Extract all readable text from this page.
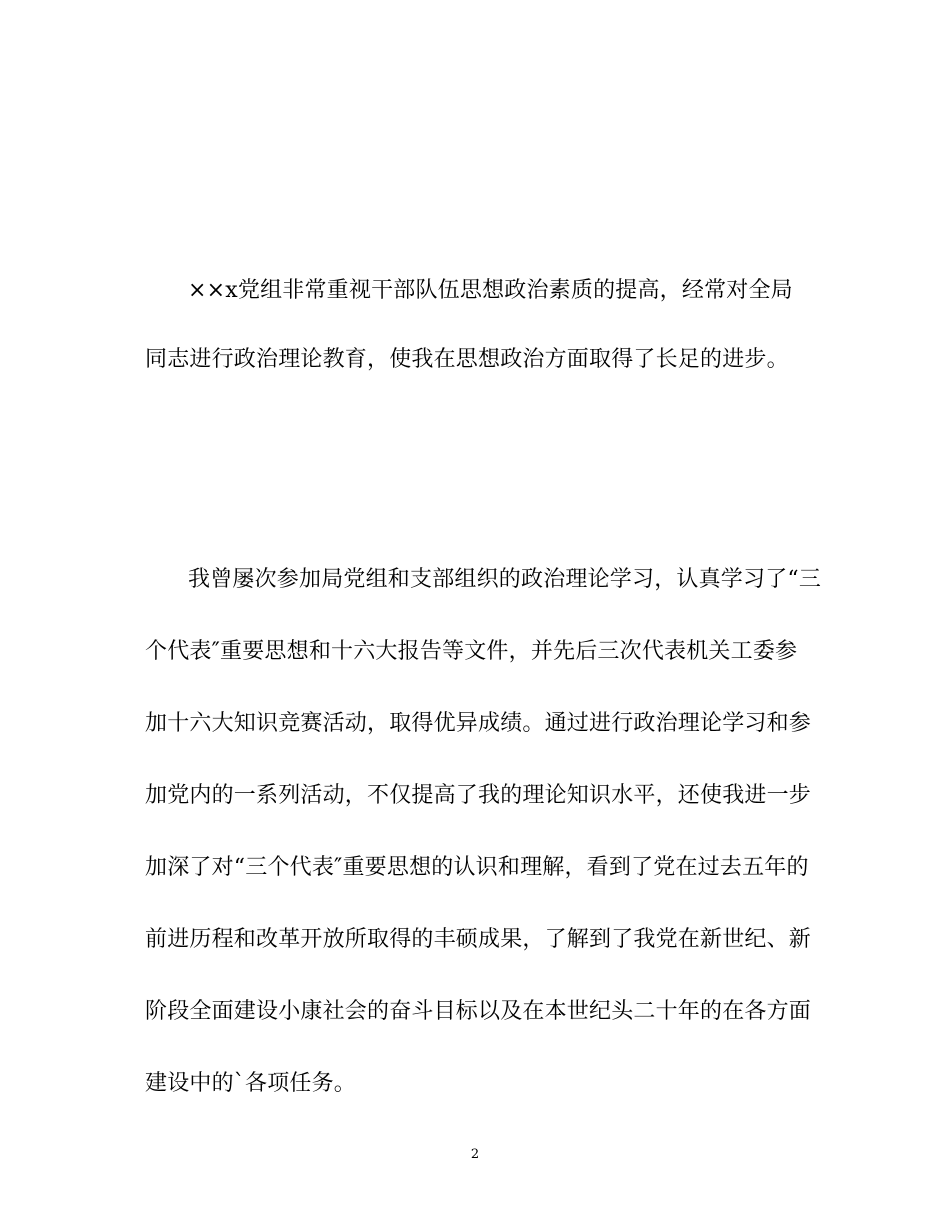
××x党组非常重视干部队伍思想政治素质的提高，经常对全局
同志进行政治理论教育，使我在思想政治方面取得了长足的进步。
我曾屡次参加局党组和支部组织的政治理论学习，认真学习了“三
个代表″重要思想和十六大报告等文件，并先后三次代表机关工委参
加十六大知识竞赛活动，取得优异成绩。通过进行政治理论学习和参
加党内的一系列活动，不仅提高了我的理论知识水平，还使我进一步
加深了对“三个代表″重要思想的认识和理解，看到了党在过去五年的
前进历程和改革开放所取得的丰硕成果，了解到了我党在新世纪、新
阶段全面建设小康社会的奋斗目标以及在本世纪头二十年的在各方面
建设中的`各项任务。
2
